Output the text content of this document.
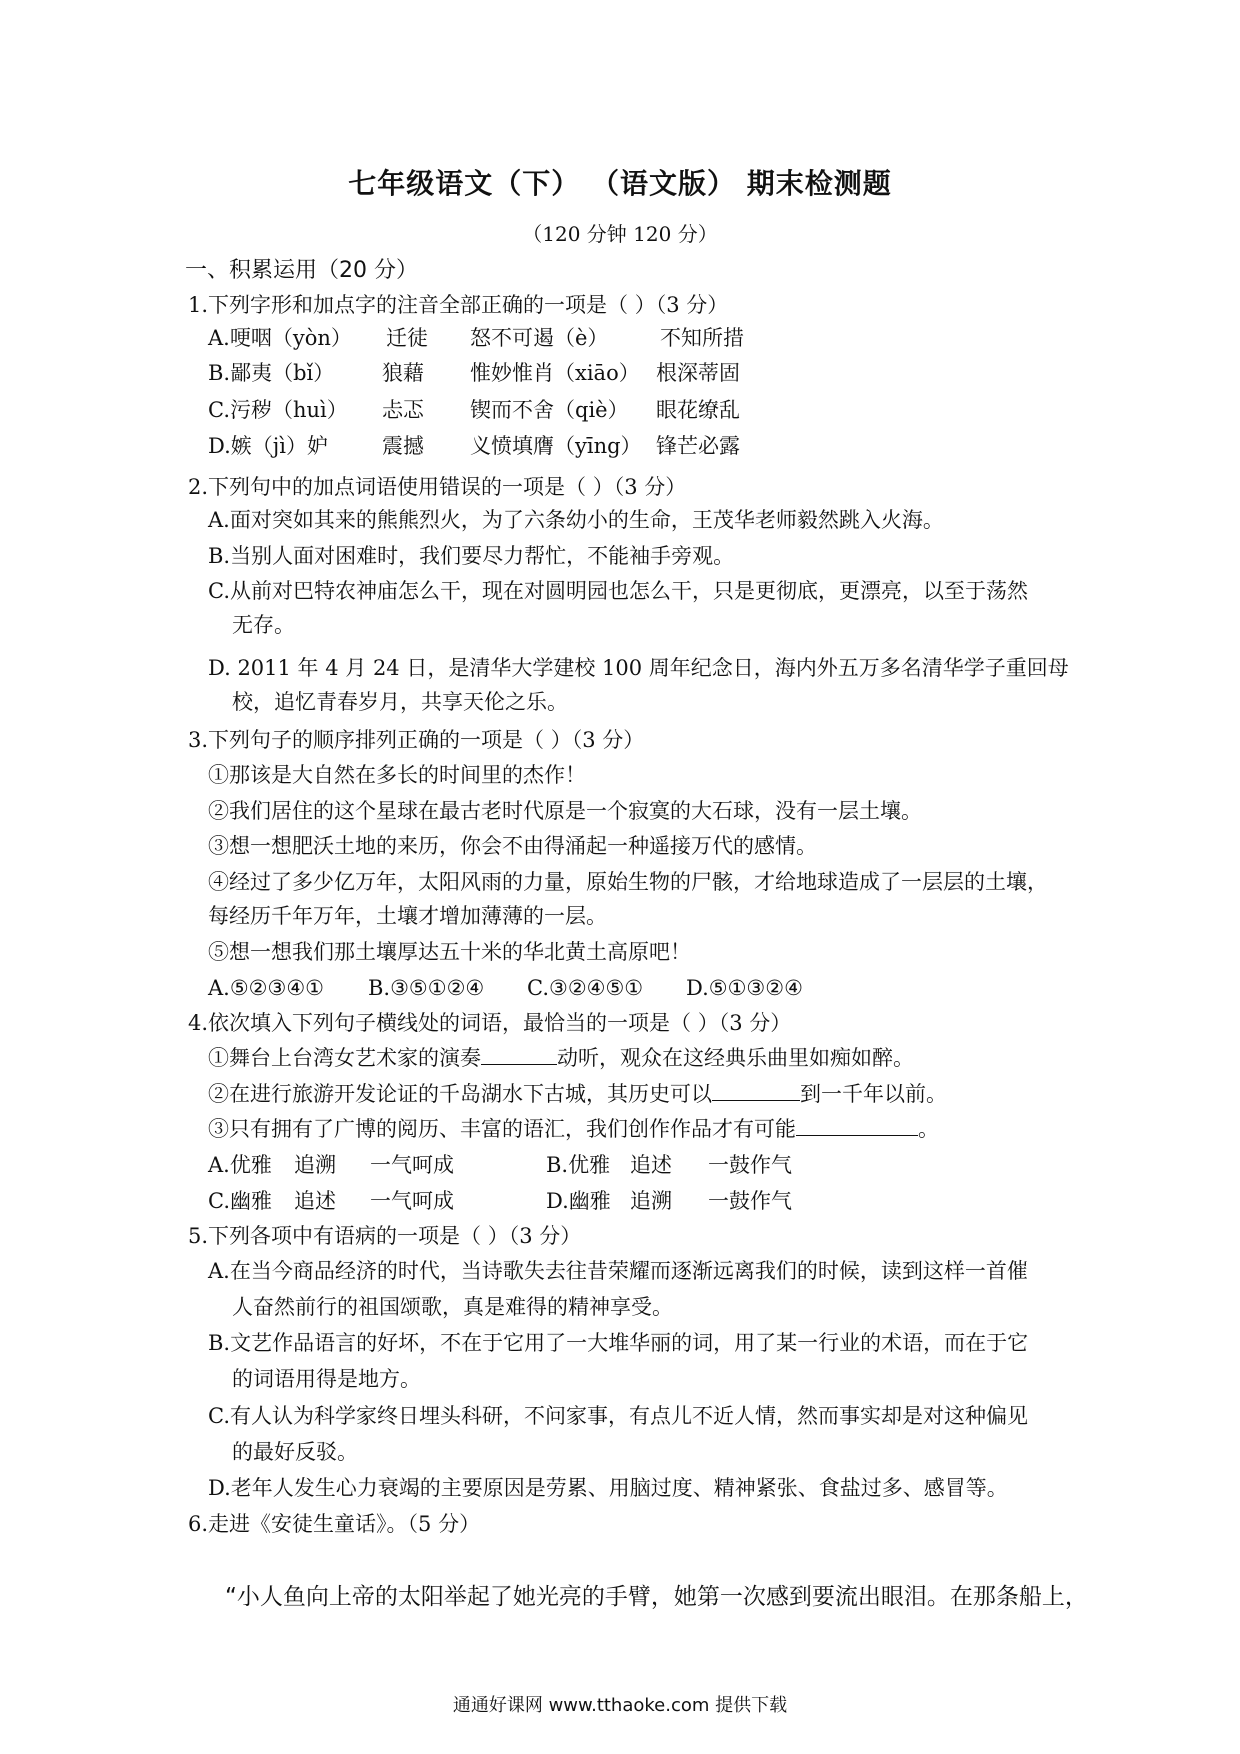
七年级语文（下） （语文版） 期末检测题
（120 分钟 120 分）
一、积累运用（20 分）
1.下列字形和加点字的注音全部正确的一项是（ ）（3 分）
A.哽咽（yòn） 迁徒 怒不可遏（è） 不知所措
B.鄙夷（bǐ） 狼藉 惟妙惟肖（xiāo） 根深蒂固
C.污秽（huì） 忐忑 锲而不舍（qiè） 眼花缭乱
D.嫉（jì）妒	震撼 义愤填膺（yīng） 锋芒必露
2.下列句中的加点词语使用错误的一项是（ ）（3 分）
A.面对突如其来的熊熊烈火，为了六条幼小的生命，王茂华老师毅然跳入火海。
B.当别人面对困难时，我们要尽力帮忙，不能袖手旁观。
C.从前对巴特农神庙怎么干，现在对圆明园也怎么干，只是更彻底，更漂亮，以至于荡然
无存。
D. 2011 年 4 月 24 日，是清华大学建校 100 周年纪念日，海内外五万多名清华学子重回母
校，追忆青春岁月，共享天伦之乐。
3.下列句子的顺序排列正确的一项是（ ）（3 分）
①那该是大自然在多长的时间里的杰作！
②我们居住的这个星球在最古老时代原是一个寂寞的大石球，没有一层土壤。
③想一想肥沃土地的来历，你会不由得涌起一种遥接万代的感情。
④经过了多少亿万年，太阳风雨的力量，原始生物的尸骸，才给地球造成了一层层的土壤，
每经历千年万年，土壤才增加薄薄的一层。
⑤想一想我们那土壤厚达五十米的华北黄土高原吧！
A.⑤②③④① B.③⑤①②④ C.③②④⑤① D.⑤①③②④
4.依次填入下列句子横线处的词语，最恰当的一项是（ ）（3 分）
①舞台上台湾女艺术家的演奏	动听，观众在这经典乐曲里如痴如醉。
②在进行旅游开发论证的千岛湖水下古城，其历史可以	到一千年以前。
③只有拥有了广博的阅历、丰富的语汇，我们创作作品才有可能	。
A.优雅 追溯 一气呵成	B.优雅 追述 一鼓作气
C.幽雅 追述 一气呵成	D.幽雅 追溯 一鼓作气
5.下列各项中有语病的一项是（ ）（3 分）
A.在当今商品经济的时代，当诗歌失去往昔荣耀而逐渐远离我们的时候，读到这样一首催
人奋然前行的祖国颂歌，真是难得的精神享受。
B.文艺作品语言的好坏，不在于它用了一大堆华丽的词，用了某一行业的术语，而在于它
的词语用得是地方。
C.有人认为科学家终日埋头科研，不问家事，有点儿不近人情，然而事实却是对这种偏见
的最好反驳。
D.老年人发生心力衰竭的主要原因是劳累、用脑过度、精神紧张、食盐过多、感冒等。
6.走进《安徒生童话》。（5 分）
“小人鱼向上帝的太阳举起了她光亮的手臂，她第一次感到要流出眼泪。在那条船上，
通通好课网 www.tthaoke.com 提供下载
